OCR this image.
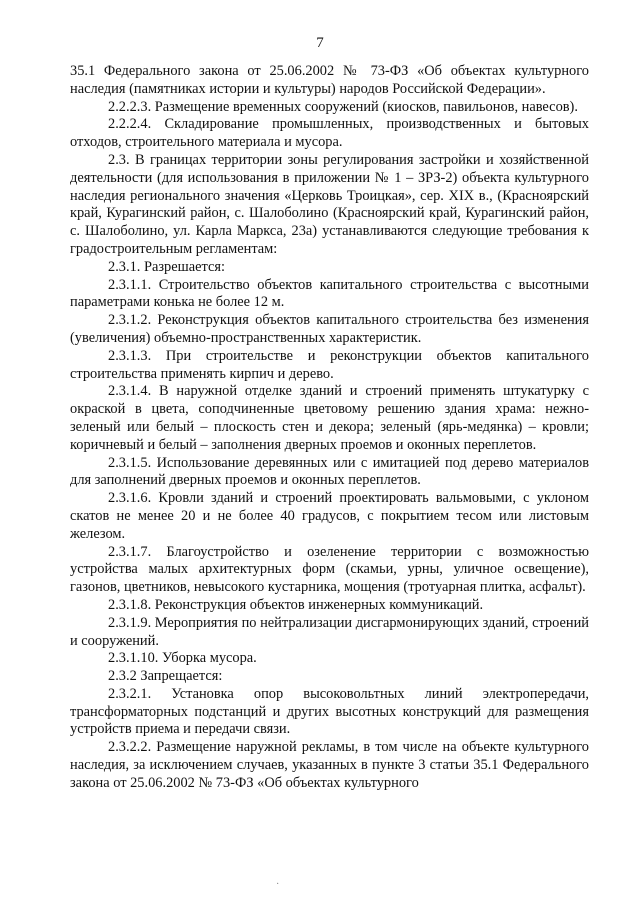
7

35.1 Федерального закона от 25.06.2002 № 73-ФЗ «Об объектах культурного наследия (памятниках истории и культуры) народов Российской Федерации».

2.2.2.3. Размещение временных сооружений (киосков, павильонов, навесов).

2.2.2.4. Складирование промышленных, производственных и бытовых отходов, строительного материала и мусора.

2.3. В границах территории зоны регулирования застройки и хозяйственной деятельности (для использования в приложении № 1 – ЗРЗ-2) объекта культурного наследия регионального значения «Церковь Троицкая», сер. XIX в., (Красноярский край, Курагинский район, с. Шалоболино (Красноярский край, Курагинский район, с. Шалоболино, ул. Карла Маркса, 23а) устанавливаются следующие требования к градостроительным регламентам:

2.3.1. Разрешается:

2.3.1.1. Строительство объектов капитального строительства с высотными параметрами конька не более 12 м.

2.3.1.2. Реконструкция объектов капитального строительства без изменения (увеличения) объемно-пространственных характеристик.

2.3.1.3. При строительстве и реконструкции объектов капитального строительства применять кирпич и дерево.

2.3.1.4. В наружной отделке зданий и строений применять штукатурку с окраской в цвета, соподчиненные цветовому решению здания храма: нежно-зеленый или белый – плоскость стен и декора; зеленый (ярь-медянка) – кровли; коричневый и белый – заполнения дверных проемов и оконных переплетов.

2.3.1.5. Использование деревянных или с имитацией под дерево материалов для заполнений дверных проемов и оконных переплетов.

2.3.1.6. Кровли зданий и строений проектировать вальмовыми, с уклоном скатов не менее 20 и не более 40 градусов, с покрытием тесом или листовым железом.

2.3.1.7. Благоустройство и озеленение территории с возможностью устройства малых архитектурных форм (скамьи, урны, уличное освещение), газонов, цветников, невысокого кустарника, мощения (тротуарная плитка, асфальт).

2.3.1.8. Реконструкция объектов инженерных коммуникаций.

2.3.1.9. Мероприятия по нейтрализации дисгармонирующих зданий, строений и сооружений.

2.3.1.10. Уборка мусора.

2.3.2 Запрещается:

2.3.2.1. Установка опор высоковольтных линий электропередачи, трансформаторных подстанций и других высотных конструкций для размещения устройств приема и передачи связи.

2.3.2.2. Размещение наружной рекламы, в том числе на объекте культурного наследия, за исключением случаев, указанных в пункте 3 статьи 35.1 Федерального закона от 25.06.2002 № 73-ФЗ «Об объектах культурного

·
